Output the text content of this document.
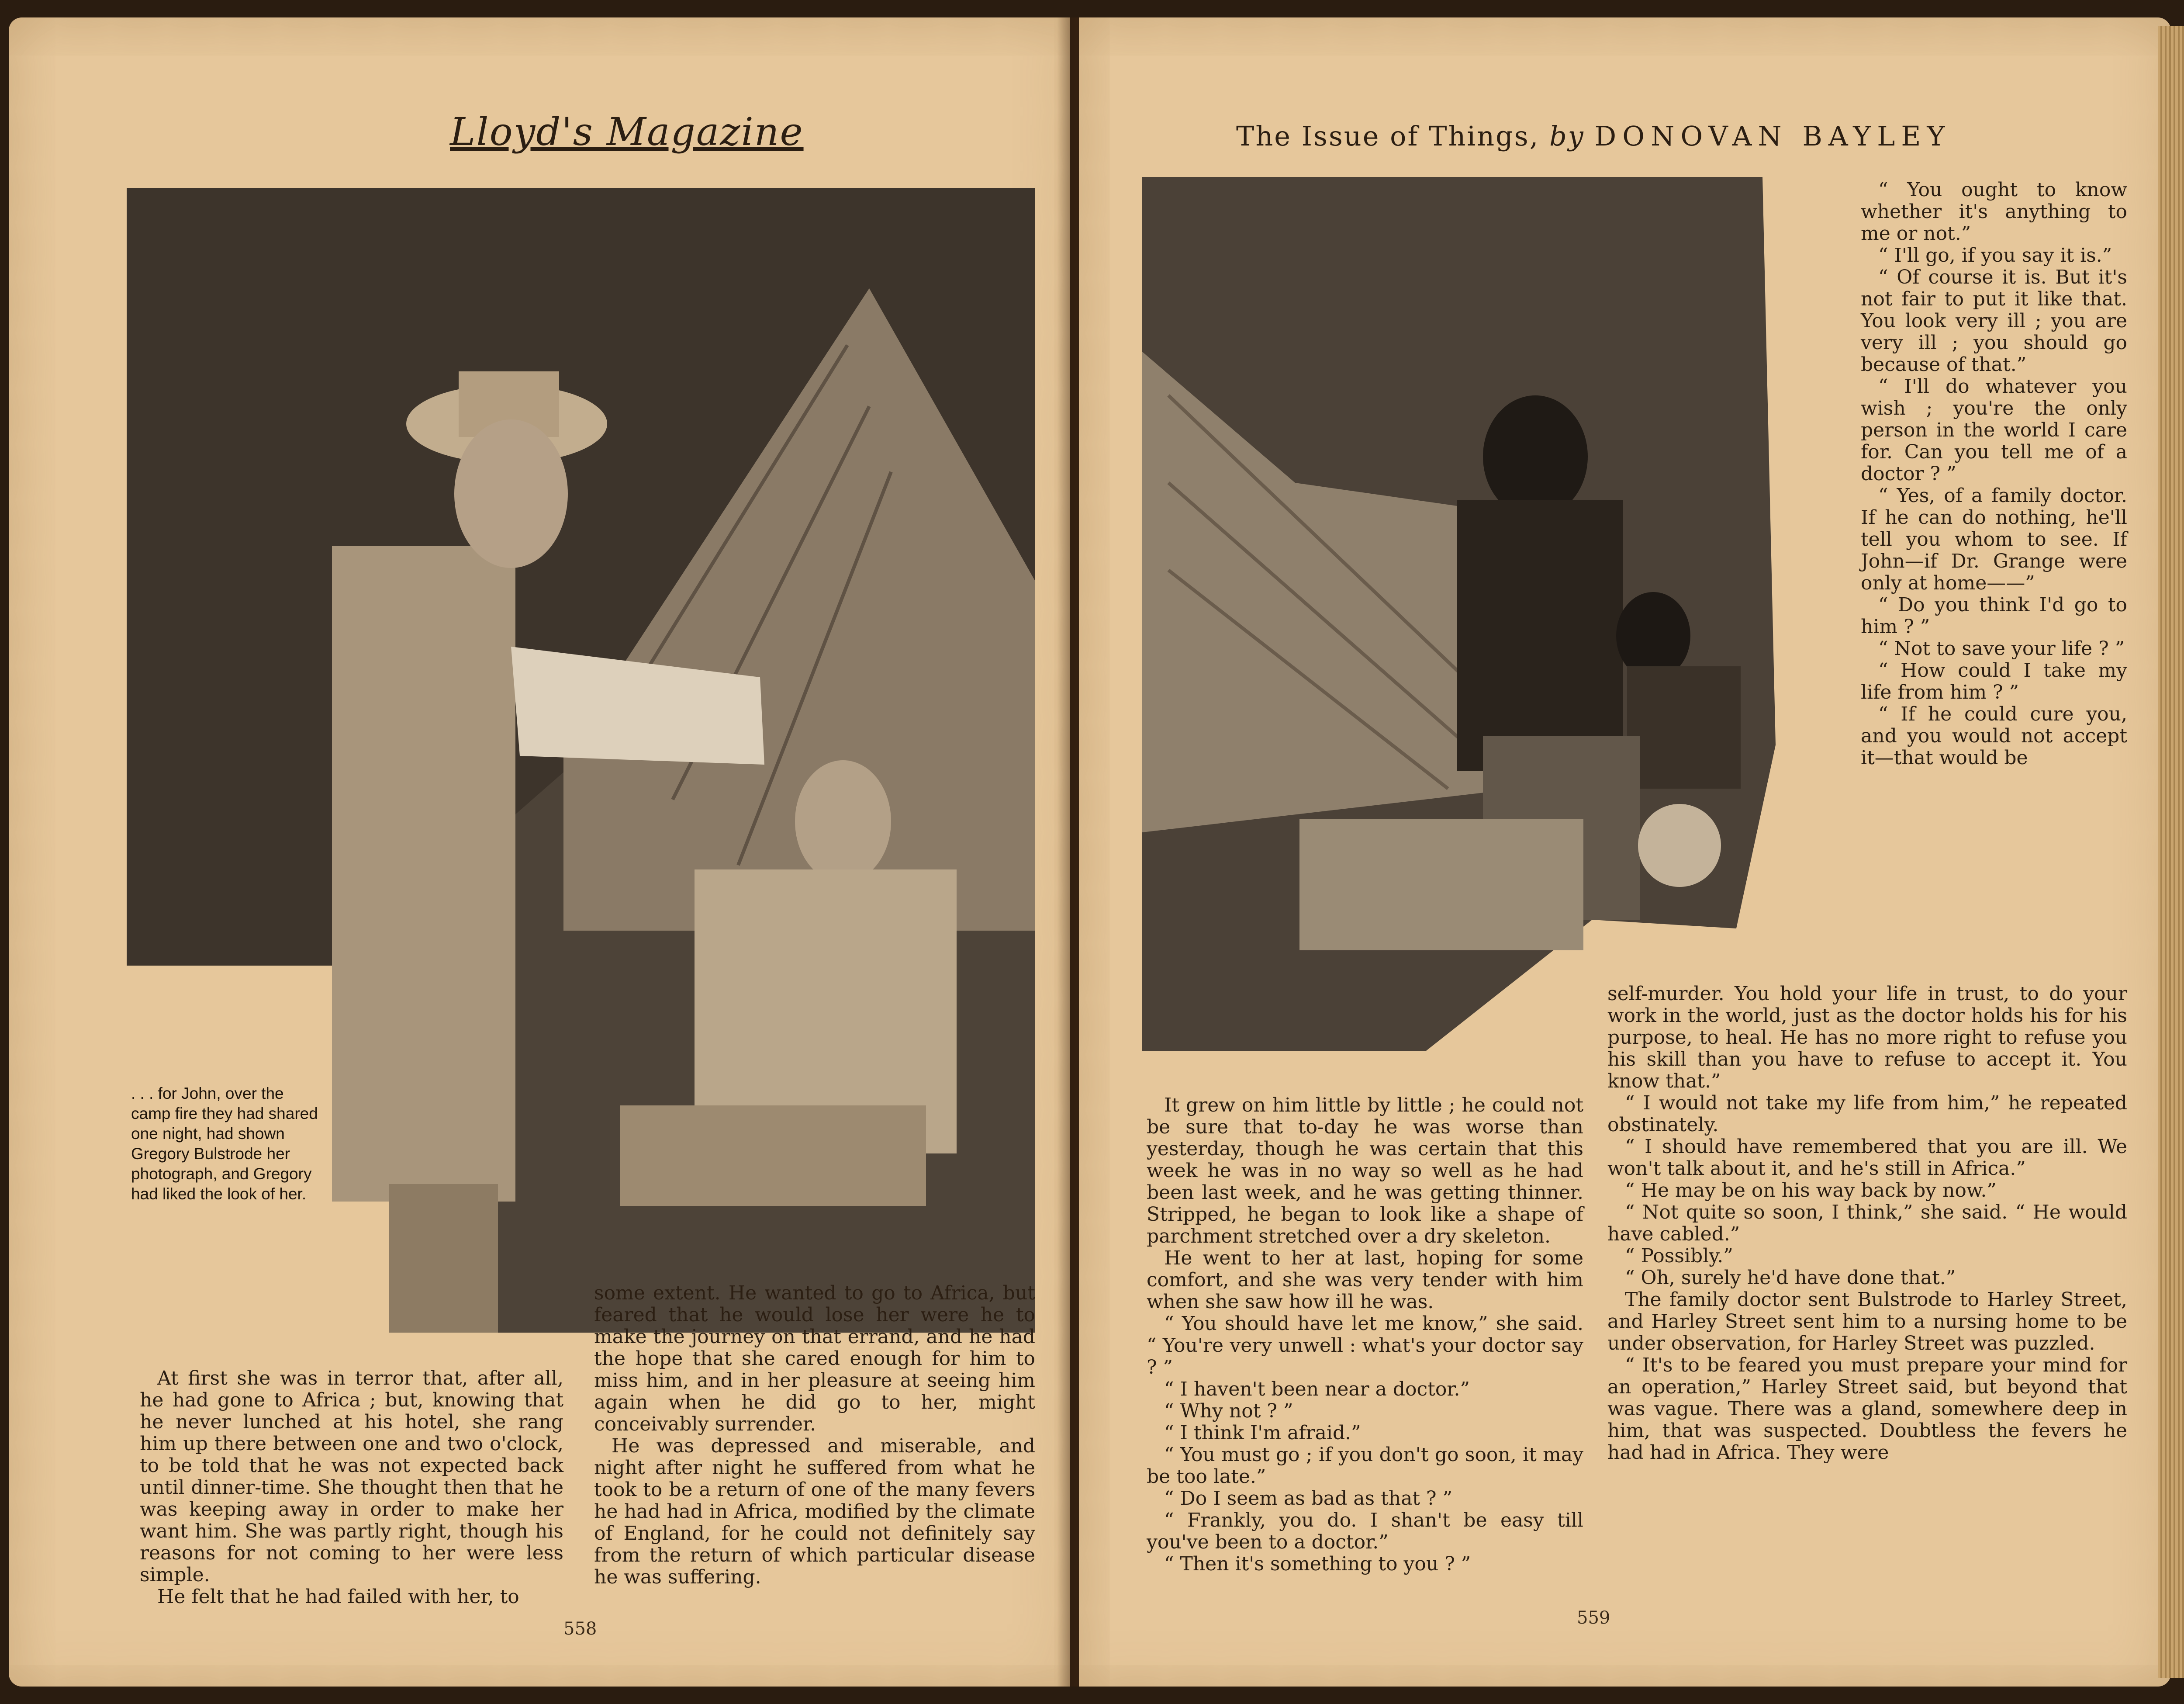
Lloyd's Magazine

. . . for John, over the camp fire they had shared one night, had shown Gregory Bulstrode her photograph, and Gregory had liked the look of her.

At first she was in terror that, after all, he had gone to Africa ; but, knowing that he never lunched at his hotel, she rang him up there between one and two o'clock, to be told that he was not expected back until dinner-time. She thought then that he was keeping away in order to make her want him. She was partly right, though his reasons for not coming to her were less simple.

He felt that he had failed with her, to

some extent. He wanted to go to Africa, but feared that he would lose her were he to make the journey on that errand, and he had the hope that she cared enough for him to miss him, and in her pleasure at seeing him again when he did go to her, might conceivably surrender.

He was depressed and miserable, and night after night he suffered from what he took to be a return of one of the many fevers he had had in Africa, modified by the climate of England, for he could not definitely say from the return of which particular disease he was suffering.

558

The Issue of Things, by DONOVAN BAYLEY

“ You ought to know whether it's anything to me or not.”

“ I'll go, if you say it is.”

“ Of course it is. But it's not fair to put it like that. You look very ill ; you are very ill ; you should go because of that.”

“ I'll do whatever you wish ; you're the only person in the world I care for. Can you tell me of a doctor ? ”

“ Yes, of a family doctor. If he can do nothing, he'll tell you whom to see. If John—if Dr. Grange were only at home——”

“ Do you think I'd go to him ? ”

“ Not to save your life ? ”

“ How could I take my life from him ? ”

“ If he could cure you, and you would not accept it—that would be

It grew on him little by little ; he could not be sure that to-day he was worse than yesterday, though he was certain that this week he was in no way so well as he had been last week, and he was getting thinner. Stripped, he began to look like a shape of parchment stretched over a dry skeleton.

He went to her at last, hoping for some comfort, and she was very tender with him when she saw how ill he was.

“ You should have let me know,” she said. “ You're very unwell : what's your doctor say ? ”

“ I haven't been near a doctor.”

“ Why not ? ”

“ I think I'm afraid.”

“ You must go ; if you don't go soon, it may be too late.”

“ Do I seem as bad as that ? ”

“ Frankly, you do. I shan't be easy till you've been to a doctor.”

“ Then it's something to you ? ”

self-murder. You hold your life in trust, to do your work in the world, just as the doctor holds his for his purpose, to heal. He has no more right to refuse you his skill than you have to refuse to accept it. You know that.”

“ I would not take my life from him,” he repeated obstinately.

“ I should have remembered that you are ill. We won't talk about it, and he's still in Africa.”

“ He may be on his way back by now.”

“ Not quite so soon, I think,” she said. “ He would have cabled.”

“ Possibly.”

“ Oh, surely he'd have done that.”

The family doctor sent Bulstrode to Harley Street, and Harley Street sent him to a nursing home to be under observation, for Harley Street was puzzled.

“ It's to be feared you must prepare your mind for an operation,” Harley Street said, but beyond that was vague. There was a gland, somewhere deep in him, that was suspected. Doubtless the fevers he had had in Africa. They were

559
